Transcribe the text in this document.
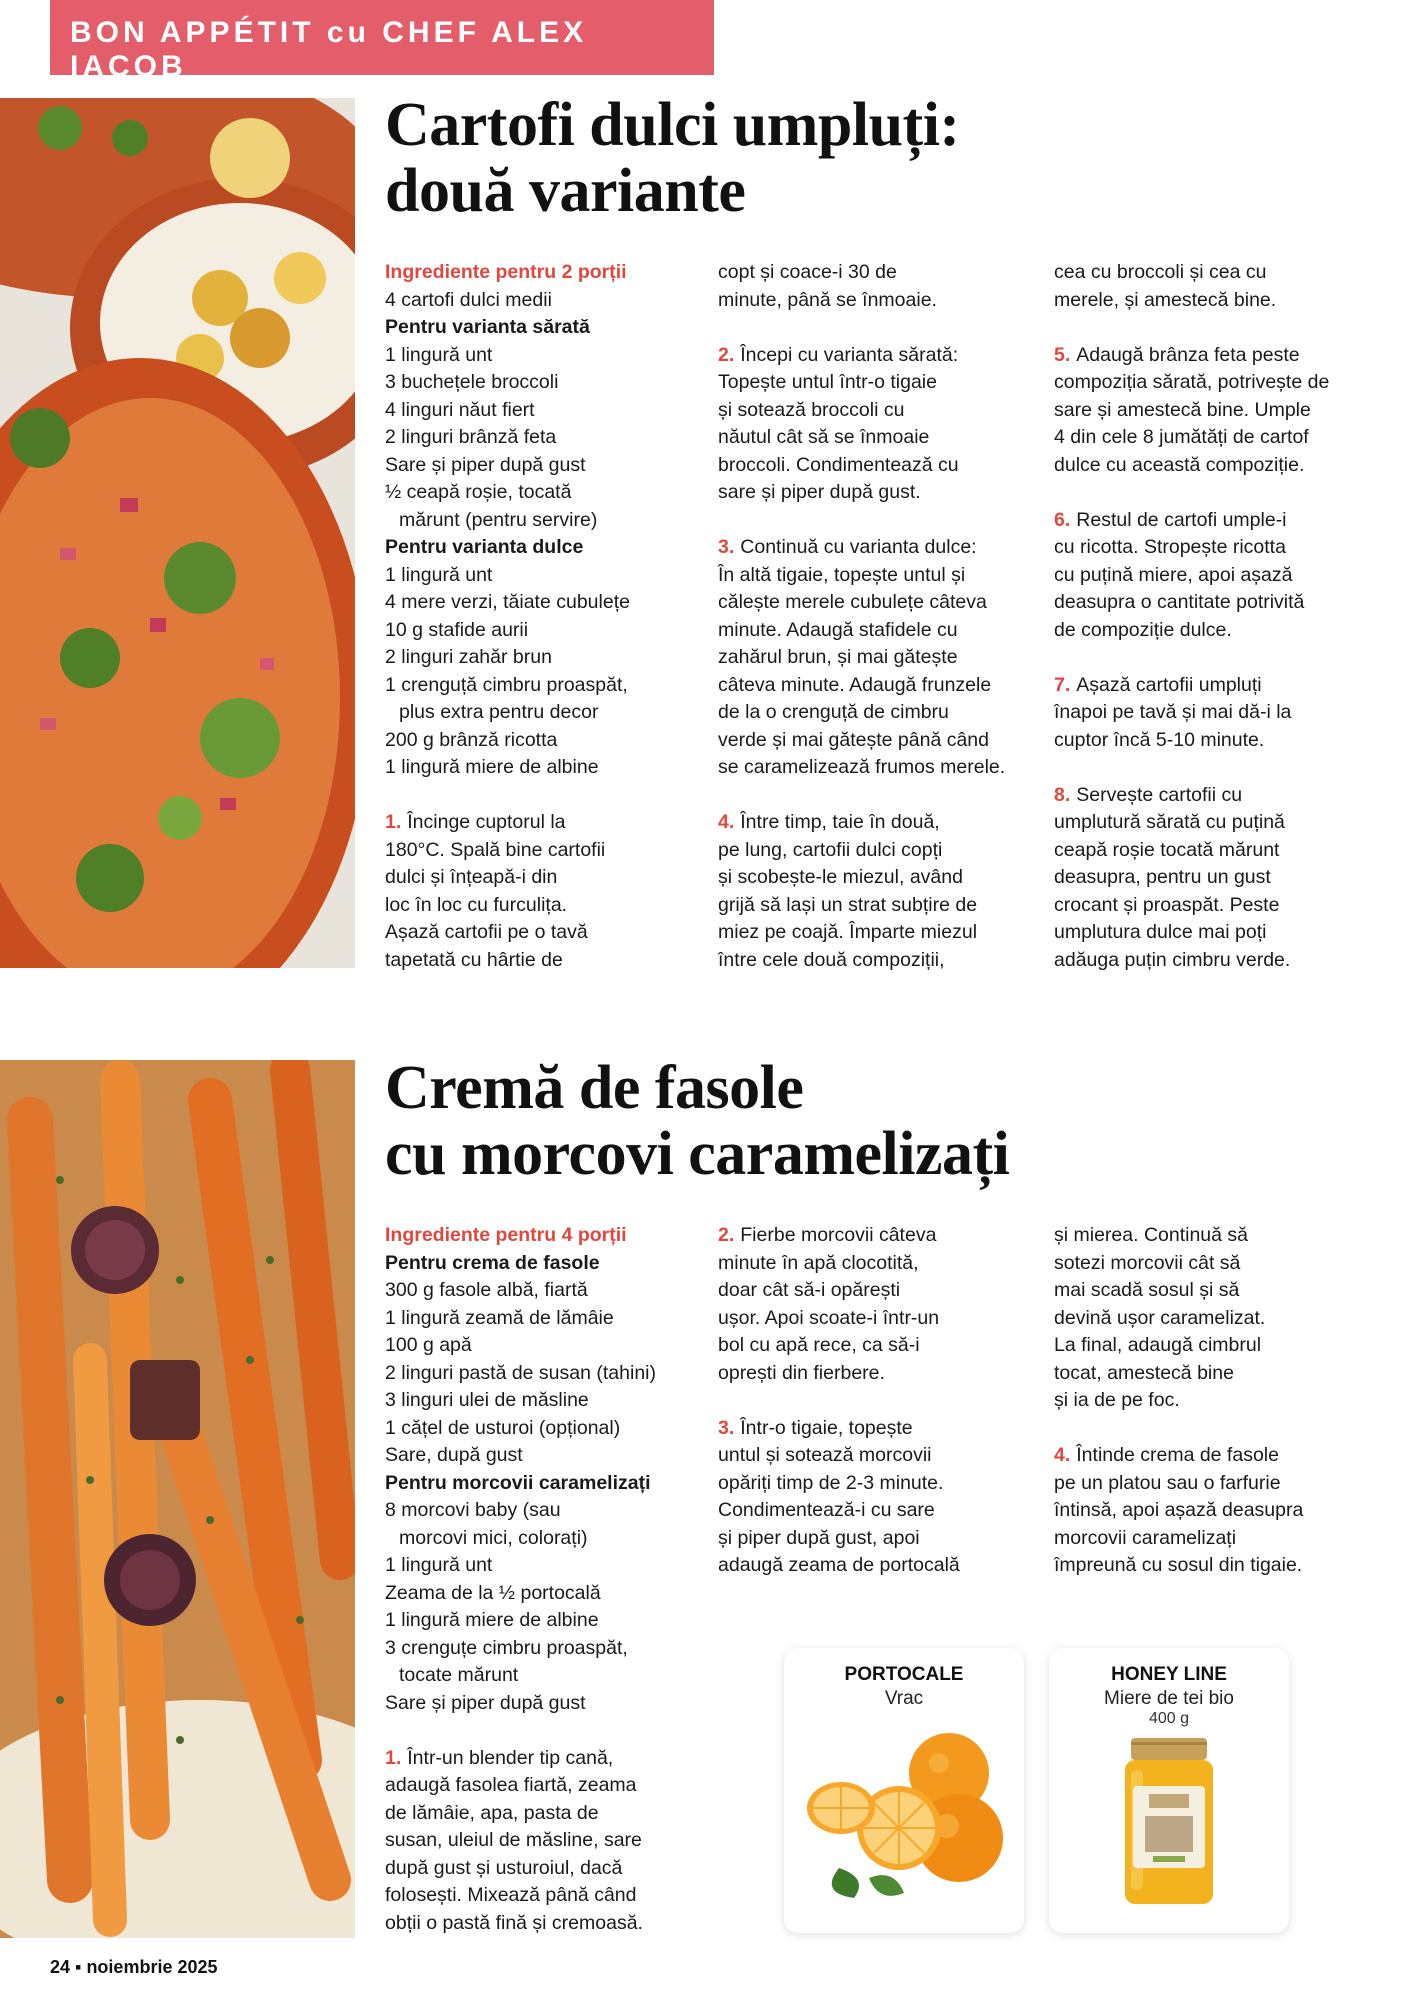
BON APPÉTIT cu CHEF ALEX IACOB
Cartofi dulci umpluți:
două variante

Ingrediente pentru 2 porții

4 cartofi dulci medii

Pentru varianta sărată

1 lingură unt

3 buchețele broccoli

4 linguri năut fiert

2 linguri brânză feta

Sare și piper după gust

½ ceapă roșie, tocată

mărunt (pentru servire)

Pentru varianta dulce

1 lingură unt

4 mere verzi, tăiate cubulețe

10 g stafide aurii

2 linguri zahăr brun

1 crenguță cimbru proaspăt,

plus extra pentru decor

200 g brânză ricotta

1 lingură miere de albine

1. Încinge cuptorul la

180°C. Spală bine cartofii

dulci și înțeapă-i din

loc în loc cu furculița.

Așază cartofii pe o tavă

tapetată cu hârtie de

copt și coace-i 30 de

minute, până se înmoaie.

2. Începi cu varianta sărată:

Topește untul într-o tigaie

și sotează broccoli cu

năutul cât să se înmoaie

broccoli. Condimentează cu

sare și piper după gust.

3. Continuă cu varianta dulce:

În altă tigaie, topește untul și

călește merele cubulețe câteva

minute. Adaugă stafidele cu

zahărul brun, și mai gătește

câteva minute. Adaugă frunzele

de la o crenguță de cimbru

verde și mai gătește până când

se caramelizează frumos merele.

4. Între timp, taie în două,

pe lung, cartofii dulci copți

și scobește-le miezul, având

grijă să lași un strat subțire de

miez pe coajă. Împarte miezul

între cele două compoziții,

cea cu broccoli și cea cu

merele, și amestecă bine.

5. Adaugă brânza feta peste

compoziția sărată, potrivește de

sare și amestecă bine. Umple

4 din cele 8 jumătăți de cartof

dulce cu această compoziție.

6. Restul de cartofi umple-i

cu ricotta. Stropește ricotta

cu puțină miere, apoi așază

deasupra o cantitate potrivită

de compoziție dulce.

7. Așază cartofii umpluți

înapoi pe tavă și mai dă-i la

cuptor încă 5-10 minute.

8. Servește cartofii cu

umplutură sărată cu puțină

ceapă roșie tocată mărunt

deasupra, pentru un gust

crocant și proaspăt. Peste

umplutura dulce mai poți

adăuga puțin cimbru verde.

Cremă de fasole
cu morcovi caramelizați

Ingrediente pentru 4 porții

Pentru crema de fasole

300 g fasole albă, fiartă

1 lingură zeamă de lămâie

100 g apă

2 linguri pastă de susan (tahini)

3 linguri ulei de măsline

1 cățel de usturoi (opțional)

Sare, după gust

Pentru morcovii caramelizați

8 morcovi baby (sau

morcovi mici, colorați)

1 lingură unt

Zeama de la ½ portocală

1 lingură miere de albine

3 crenguțe cimbru proaspăt,

tocate mărunt

Sare și piper după gust

1. Într-un blender tip cană,

adaugă fasolea fiartă, zeama

de lămâie, apa, pasta de

susan, uleiul de măsline, sare

după gust și usturoiul, dacă

folosești. Mixează până când

obții o pastă fină și cremoasă.

2. Fierbe morcovii câteva

minute în apă clocotită,

doar cât să-i opărești

ușor. Apoi scoate-i într-un

bol cu apă rece, ca să-i

oprești din fierbere.

3. Într-o tigaie, topește

untul și sotează morcovii

opăriți timp de 2-3 minute.

Condimentează-i cu sare

și piper după gust, apoi

adaugă zeama de portocală

și mierea. Continuă să

sotezi morcovii cât să

mai scadă sosul și să

devină ușor caramelizat.

La final, adaugă cimbrul

tocat, amestecă bine

și ia de pe foc.

4. Întinde crema de fasole

pe un platou sau o farfurie

întinsă, apoi așază deasupra

morcovii caramelizați

împreună cu sosul din tigaie.

PORTOCALE
Vrac
HONEY LINE
Miere de tei bio
400 g
24 ▪ noiembrie 2025
